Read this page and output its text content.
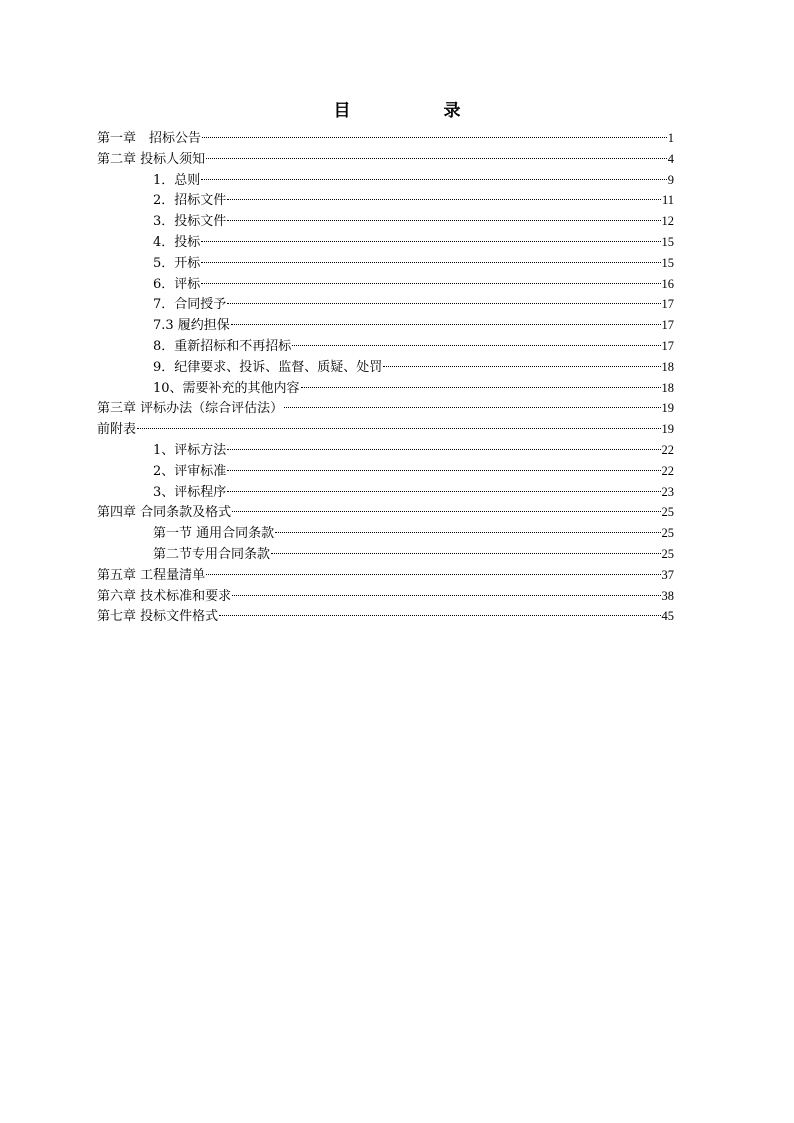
目　录
第一章　招标公告	1
第二章 投标人须知	4
1．总则	9
2．招标文件	11
3．投标文件	12
4．投标	15
5．开标	15
6．评标	16
7．合同授予	17
7.3 履约担保	17
8．重新招标和不再招标	17
9．纪律要求、投诉、监督、质疑、处罚	18
10、需要补充的其他内容	18
第三章 评标办法（综合评估法）	19
前附表	19
1、评标方法	22
2、评审标准	22
3、评标程序	23
第四章 合同条款及格式	25
第一节 通用合同条款	25
第二节专用合同条款	25
第五章 工程量清单	37
第六章 技术标准和要求	38
第七章 投标文件格式	45
